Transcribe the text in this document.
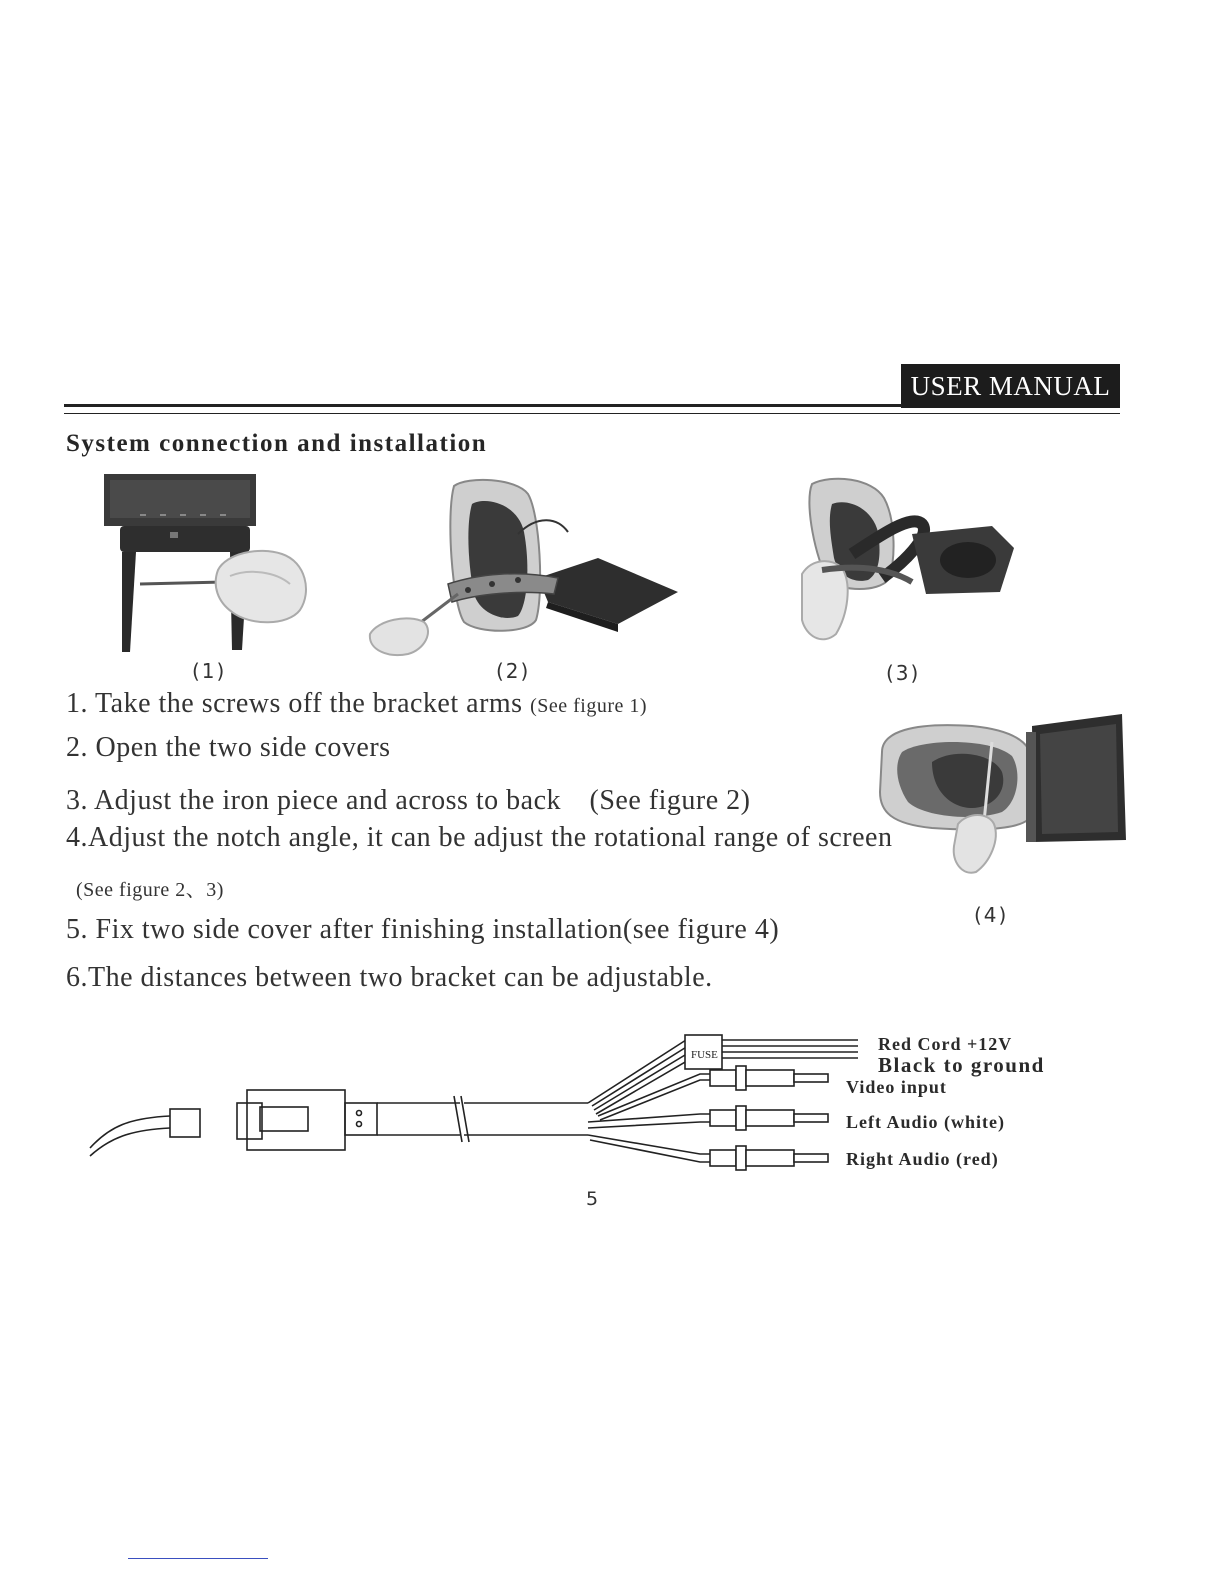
USER MANUAL
System connection and installation
(1)	(2)	(3)
(4)
1. Take the screws off the bracket arms (See figure 1)
2. Open the two side covers
3. Adjust the iron piece and across to back　(See figure 2)
4.Adjust the notch angle, it can be adjust the rotational range of screen
(See figure 2、3)
5. Fix two side cover after finishing installation(see figure 4)
6.The distances between two bracket can be adjustable.
FUSE
Red Cord +12V
Black to ground
Video input
Left Audio (white)
Right Audio (red)
5
